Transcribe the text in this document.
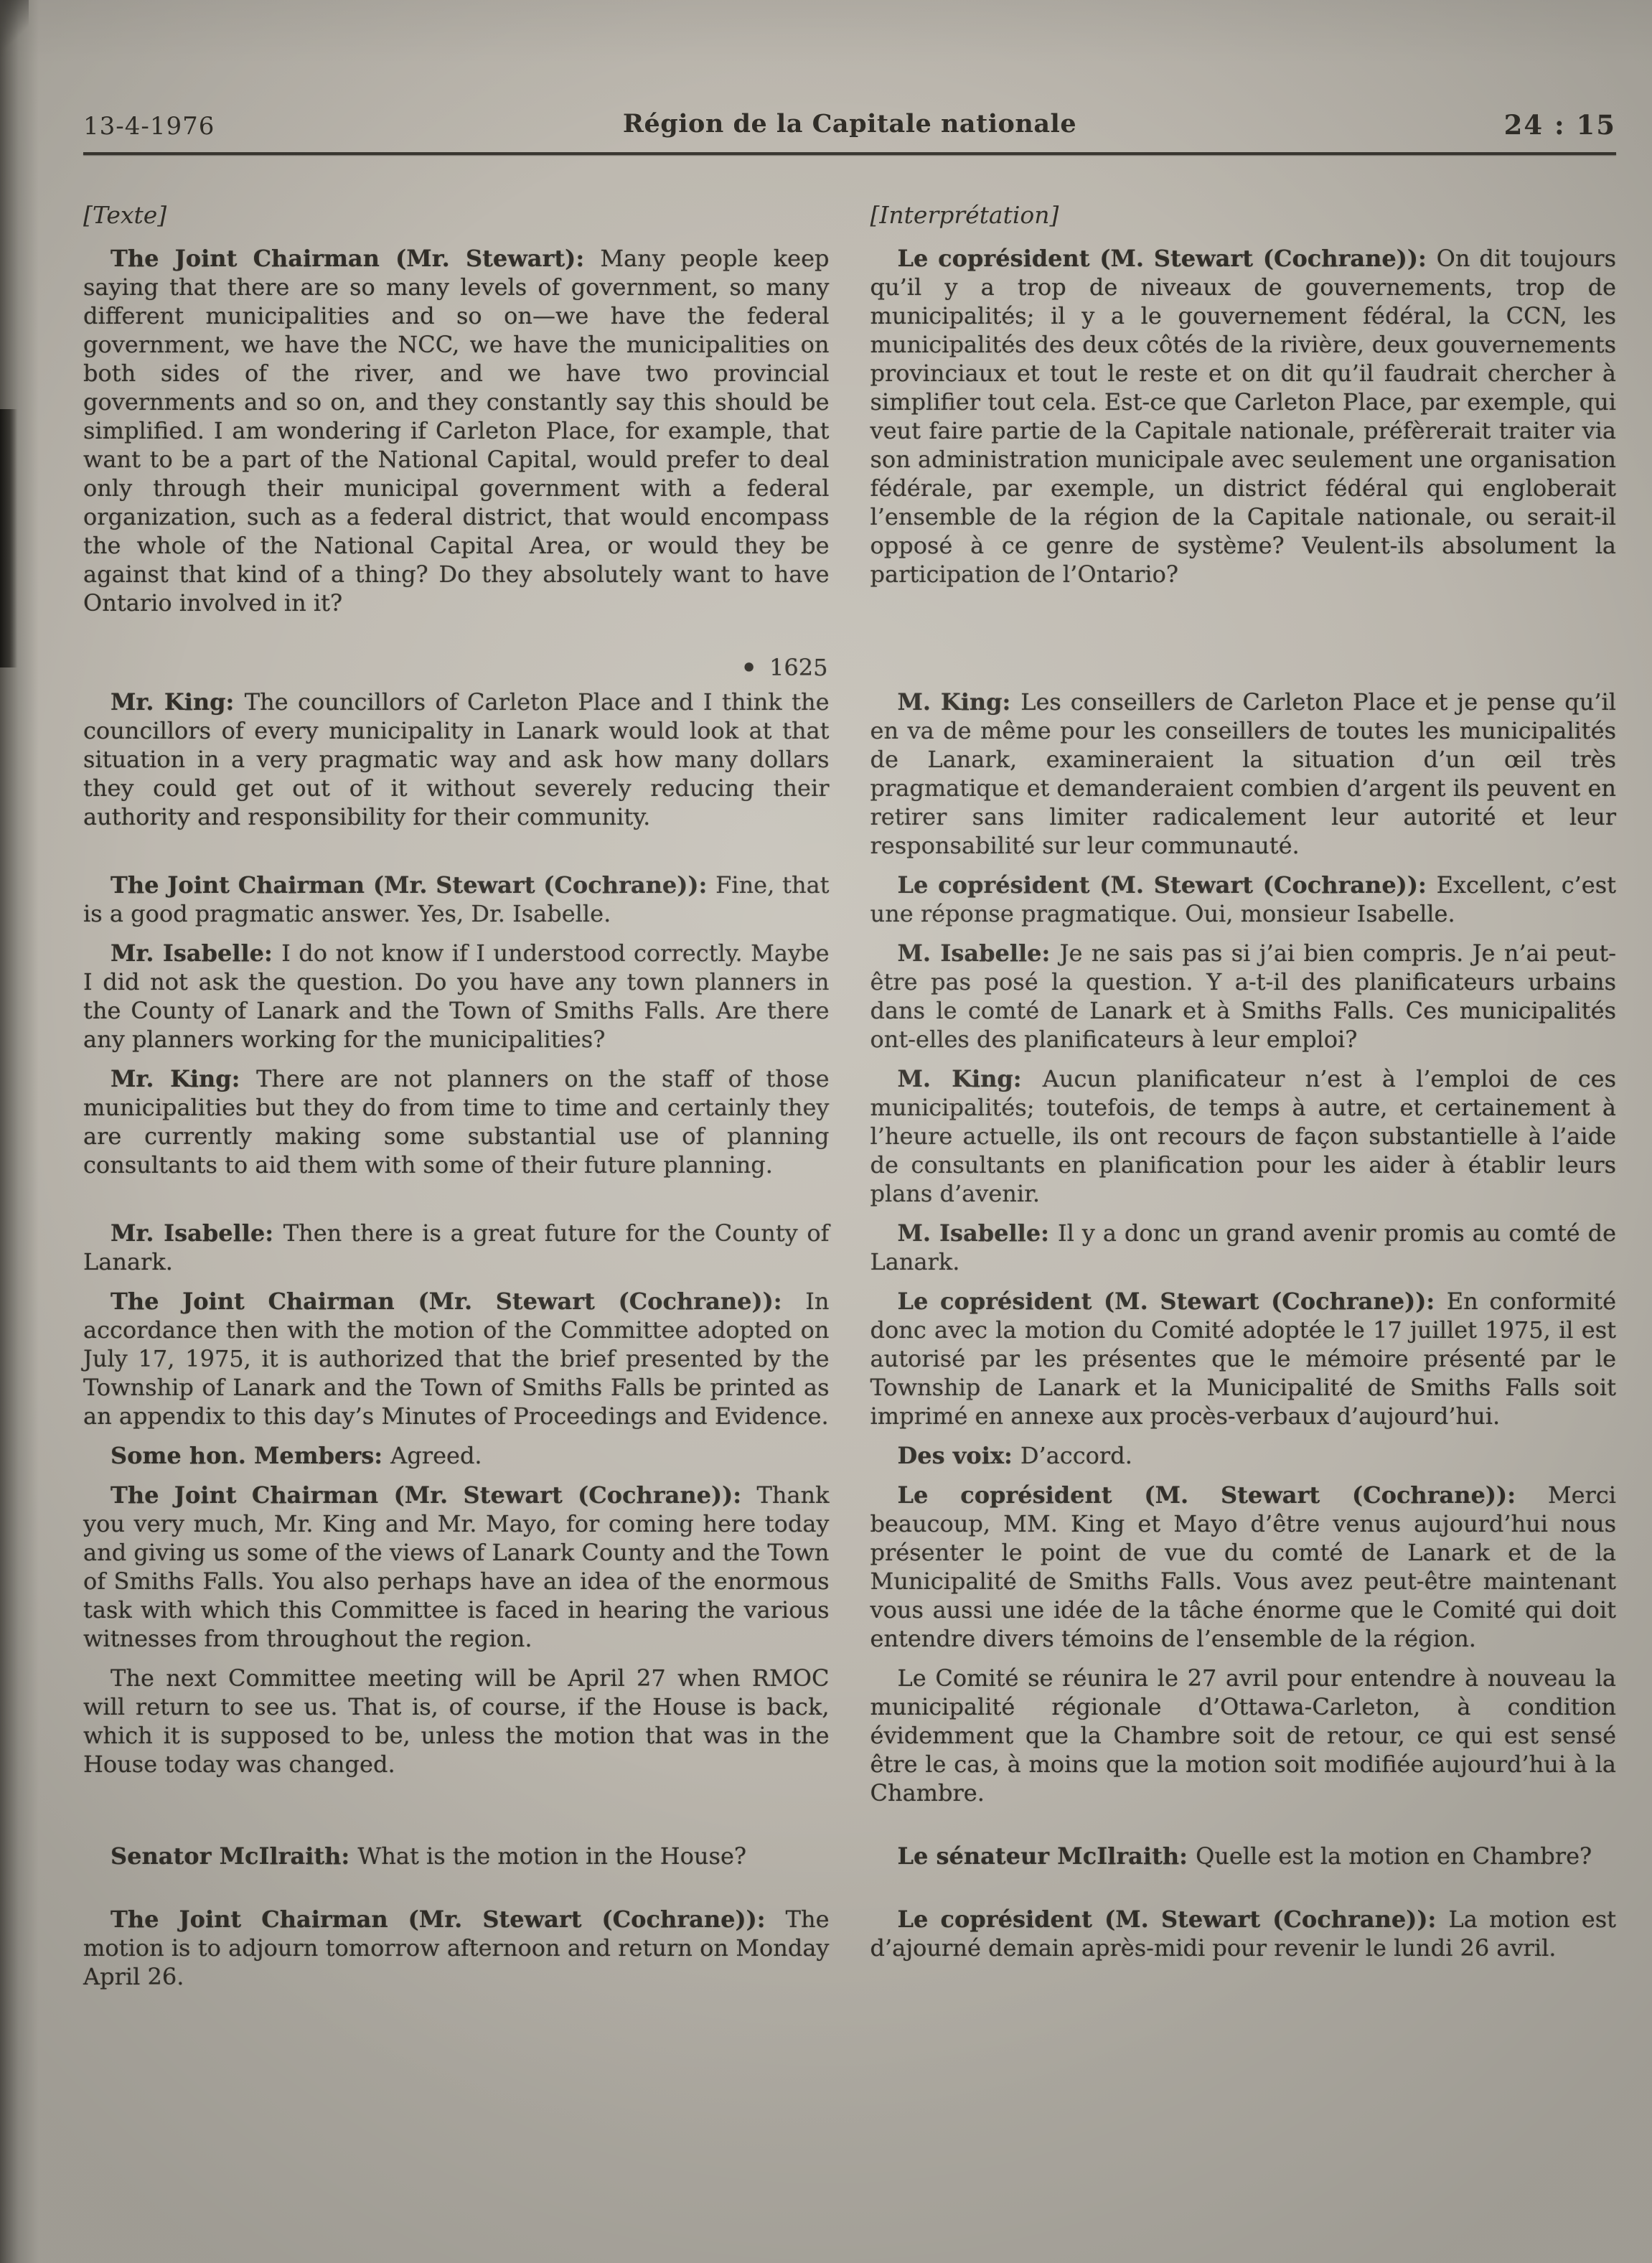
13-4-1976	Région de la Capitale nationale	24 : 15

[Texte]	[Interprétation]

The Joint Chairman (Mr. Stewart): Many people keep saying that there are so many levels of government, so many different municipalities and so on—we have the federal government, we have the NCC, we have the municipalities on both sides of the river, and we have two provincial governments and so on, and they constantly say this should be simplified. I am wondering if Carleton Place, for example, that want to be a part of the National Capital, would prefer to deal only through their municipal government with a federal organization, such as a federal district, that would encompass the whole of the National Capital Area, or would they be against that kind of a thing? Do they absolutely want to have Ontario involved in it?

Le coprésident (M. Stewart (Cochrane)): On dit toujours qu’il y a trop de niveaux de gouvernements, trop de municipalités; il y a le gouvernement fédéral, la CCN, les municipalités des deux côtés de la rivière, deux gouvernements provinciaux et tout le reste et on dit qu’il faudrait chercher à simplifier tout cela. Est-ce que Carleton Place, par exemple, qui veut faire partie de la Capitale nationale, préfèrerait traiter via son administration municipale avec seulement une organisation fédérale, par exemple, un district fédéral qui engloberait l’ensemble de la région de la Capitale nationale, ou serait-il opposé à ce genre de système? Veulent-ils absolument la participation de l’Ontario?

• 1625

Mr. King: The councillors of Carleton Place and I think the councillors of every municipality in Lanark would look at that situation in a very pragmatic way and ask how many dollars they could get out of it without severely reducing their authority and responsibility for their community.

M. King: Les conseillers de Carleton Place et je pense qu’il en va de même pour les conseillers de toutes les municipalités de Lanark, examineraient la situation d’un œil très pragmatique et demanderaient combien d’argent ils peuvent en retirer sans limiter radicalement leur autorité et leur responsabilité sur leur communauté.

The Joint Chairman (Mr. Stewart (Cochrane)): Fine, that is a good pragmatic answer. Yes, Dr. Isabelle.

Le coprésident (M. Stewart (Cochrane)): Excellent, c’est une réponse pragmatique. Oui, monsieur Isabelle.

Mr. Isabelle: I do not know if I understood correctly. Maybe I did not ask the question. Do you have any town planners in the County of Lanark and the Town of Smiths Falls. Are there any planners working for the municipalities?

M. Isabelle: Je ne sais pas si j’ai bien compris. Je n’ai peut-être pas posé la question. Y a-t-il des planificateurs urbains dans le comté de Lanark et à Smiths Falls. Ces municipalités ont-elles des planificateurs à leur emploi?

Mr. King: There are not planners on the staff of those municipalities but they do from time to time and certainly they are currently making some substantial use of planning consultants to aid them with some of their future planning.

M. King: Aucun planificateur n’est à l’emploi de ces municipalités; toutefois, de temps à autre, et certainement à l’heure actuelle, ils ont recours de façon substantielle à l’aide de consultants en planification pour les aider à établir leurs plans d’avenir.

Mr. Isabelle: Then there is a great future for the County of Lanark.

M. Isabelle: Il y a donc un grand avenir promis au comté de Lanark.

The Joint Chairman (Mr. Stewart (Cochrane)): In accordance then with the motion of the Committee adopted on July 17, 1975, it is authorized that the brief presented by the Township of Lanark and the Town of Smiths Falls be printed as an appendix to this day’s Minutes of Proceedings and Evidence.

Le coprésident (M. Stewart (Cochrane)): En conformité donc avec la motion du Comité adoptée le 17 juillet 1975, il est autorisé par les présentes que le mémoire présenté par le Township de Lanark et la Municipalité de Smiths Falls soit imprimé en annexe aux procès-verbaux d’aujourd’hui.

Some hon. Members: Agreed.	Des voix: D’accord.

The Joint Chairman (Mr. Stewart (Cochrane)): Thank you very much, Mr. King and Mr. Mayo, for coming here today and giving us some of the views of Lanark County and the Town of Smiths Falls. You also perhaps have an idea of the enormous task with which this Committee is faced in hearing the various witnesses from throughout the region.

Le coprésident (M. Stewart (Cochrane)): Merci beaucoup, MM. King et Mayo d’être venus aujourd’hui nous présenter le point de vue du comté de Lanark et de la Municipalité de Smiths Falls. Vous avez peut-être maintenant vous aussi une idée de la tâche énorme que le Comité qui doit entendre divers témoins de l’ensemble de la région.

The next Committee meeting will be April 27 when RMOC will return to see us. That is, of course, if the House is back, which it is supposed to be, unless the motion that was in the House today was changed.

Le Comité se réunira le 27 avril pour entendre à nouveau la municipalité régionale d’Ottawa-Carleton, à condition évidemment que la Chambre soit de retour, ce qui est sensé être le cas, à moins que la motion soit modifiée aujourd’hui à la Chambre.

Senator McIlraith: What is the motion in the House?	Le sénateur McIlraith: Quelle est la motion en Chambre?

The Joint Chairman (Mr. Stewart (Cochrane)): The motion is to adjourn tomorrow afternoon and return on Monday April 26.

Le coprésident (M. Stewart (Cochrane)): La motion est d’ajourné demain après-midi pour revenir le lundi 26 avril.
